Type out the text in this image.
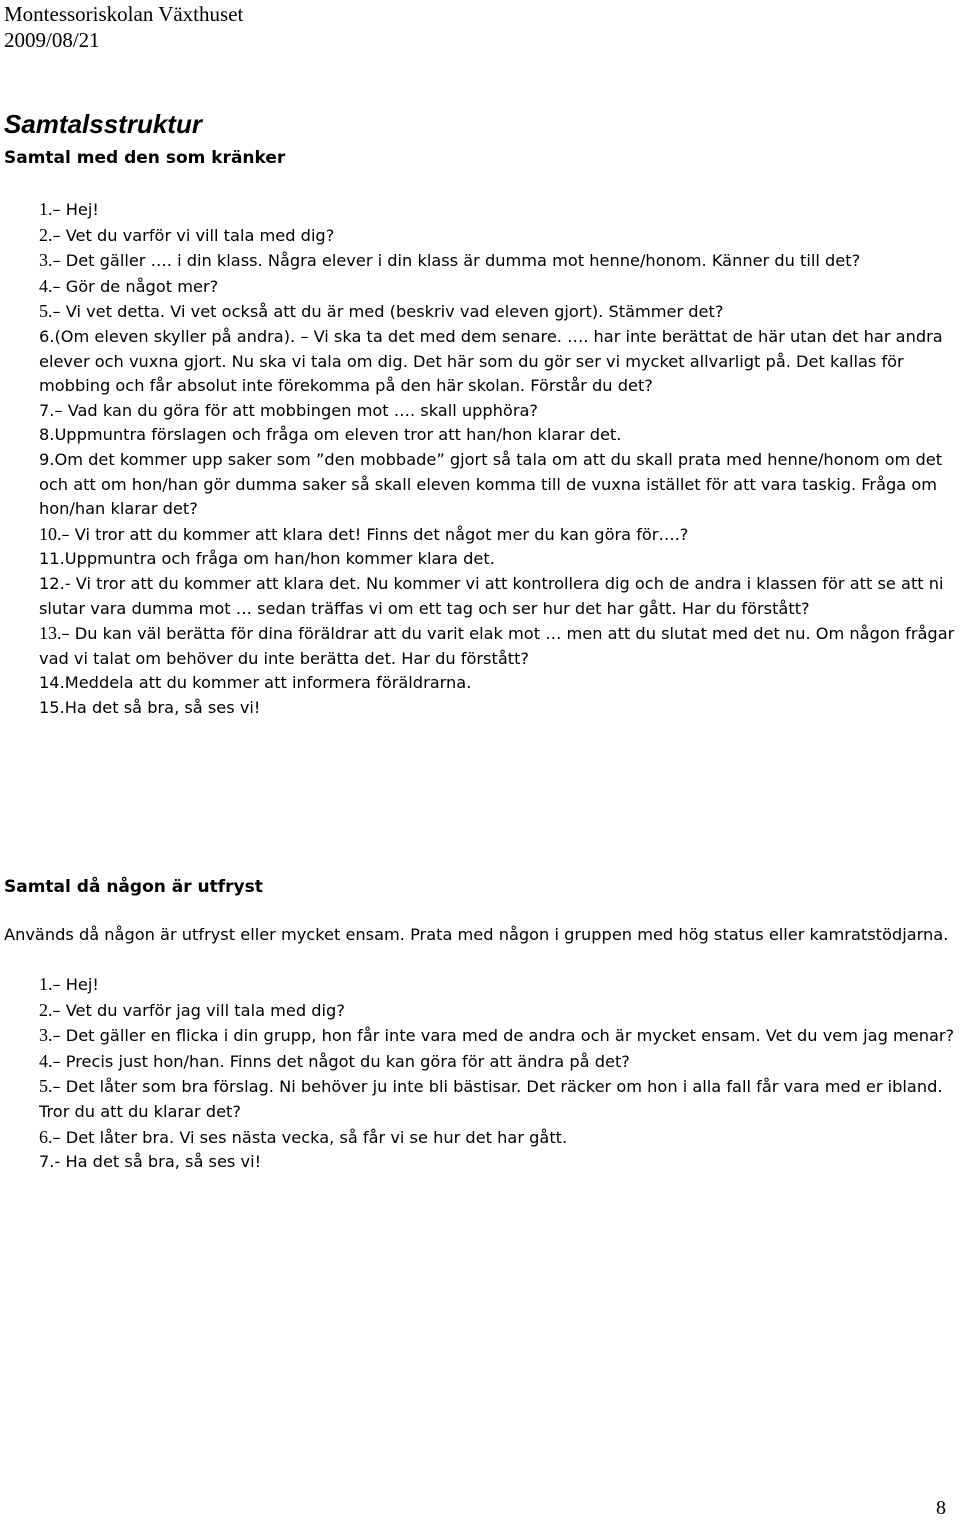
Montessoriskolan Växthuset
2009/08/21
Samtalsstruktur
Samtal med den som kränker
1.– Hej!
2.– Vet du varför vi vill tala med dig?
3.– Det gäller …. i din klass. Några elever i din klass är dumma mot henne/honom. Känner du till det?
4.– Gör de något mer?
5.– Vi vet detta. Vi vet också att du är med (beskriv vad eleven gjort). Stämmer det?
6.(Om eleven skyller på andra). – Vi ska ta det med dem senare. …. har inte berättat de här utan det har andra elever och vuxna gjort. Nu ska vi tala om dig. Det här som du gör ser vi mycket allvarligt på. Det kallas för mobbing och får absolut inte förekomma på den här skolan. Förstår du det?
7.– Vad kan du göra för att mobbingen mot …. skall upphöra?
8.Uppmuntra förslagen och fråga om eleven tror att han/hon klarar det.
9.Om det kommer upp saker som ”den mobbade” gjort så tala om att du skall prata med henne/honom om det och att om hon/han gör dumma saker så skall eleven komma till de vuxna istället för att vara taskig. Fråga om hon/han klarar det?
10.– Vi tror att du kommer att klara det! Finns det något mer du kan göra för….?
11.Uppmuntra och fråga om han/hon kommer klara det.
12.- Vi tror att du kommer att klara det. Nu kommer vi att kontrollera dig och de andra i klassen för att se att ni slutar vara dumma mot … sedan träffas vi om ett tag och ser hur det har gått. Har du förstått?
13.– Du kan väl berätta för dina föräldrar att du varit elak mot … men att du slutat med det nu. Om någon frågar vad vi talat om behöver du inte berätta det. Har du förstått?
14.Meddela att du kommer att informera föräldrarna.
15.Ha det så bra, så ses vi!
Samtal då någon är utfryst

Används då någon är utfryst eller mycket ensam. Prata med någon i gruppen med hög status eller kamratstödjarna.

1.– Hej!
2.– Vet du varför jag vill tala med dig?
3.– Det gäller en flicka i din grupp, hon får inte vara med de andra och är mycket ensam. Vet du vem jag menar?
4.– Precis just hon/han. Finns det något du kan göra för att ändra på det?
5.– Det låter som bra förslag. Ni behöver ju inte bli bästisar. Det räcker om hon i alla fall får vara med er ibland. Tror du att du klarar det?
6.– Det låter bra. Vi ses nästa vecka, så får vi se hur det har gått.
7.- Ha det så bra, så ses vi!
8
